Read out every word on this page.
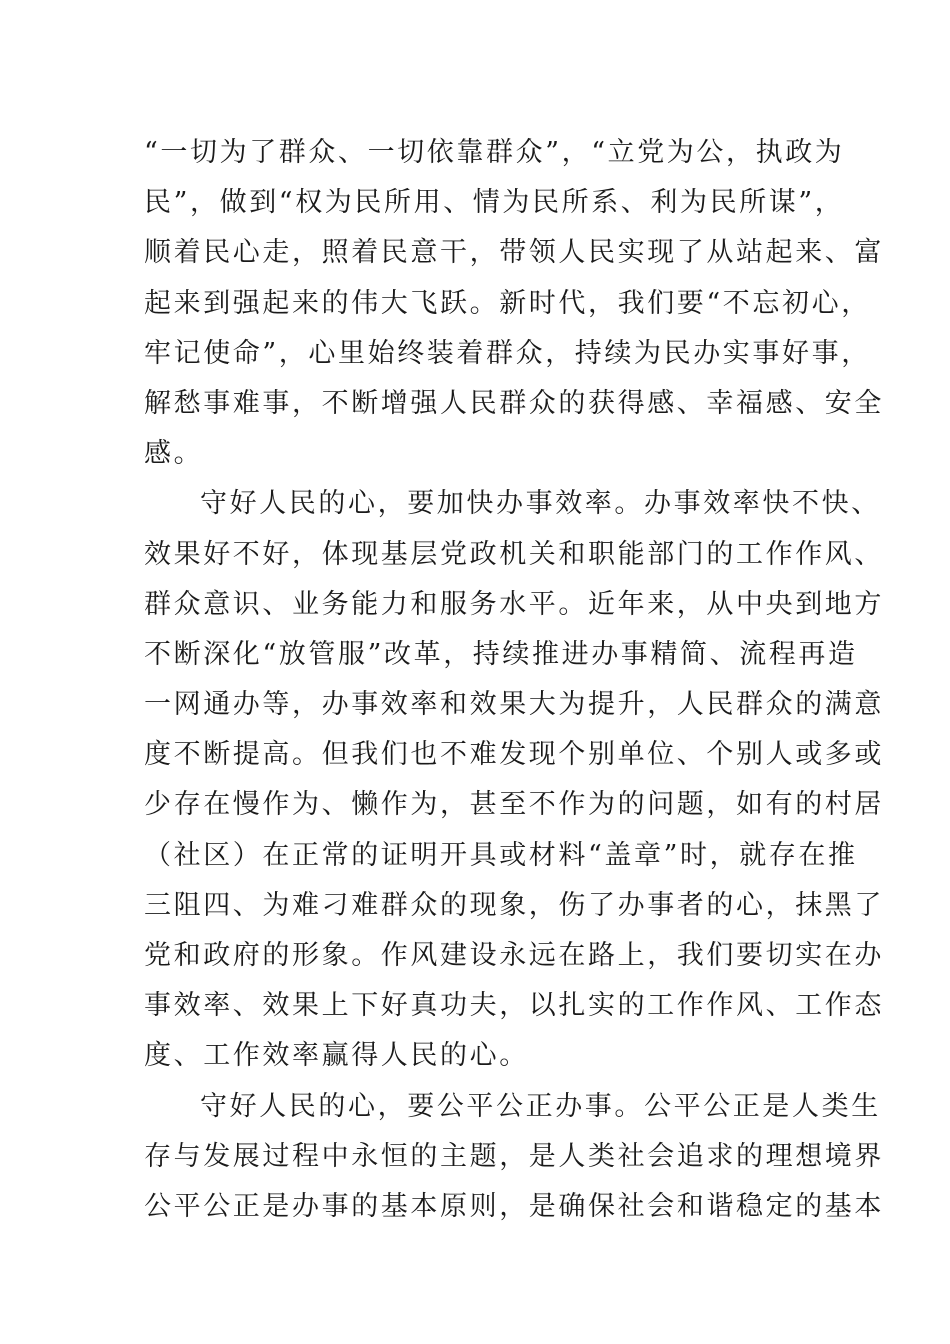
“一切为了群众、一切依靠群众”，“立党为公，执政为
民”，做到“权为民所用、情为民所系、利为民所谋”，
顺着民心走，照着民意干，带领人民实现了从站起来、富
起来到强起来的伟大飞跃。新时代，我们要“不忘初心，
牢记使命”，心里始终装着群众，持续为民办实事好事，
解愁事难事，不断增强人民群众的获得感、幸福感、安全
感。
守好人民的心，要加快办事效率。办事效率快不快、
效果好不好，体现基层党政机关和职能部门的工作作风、
群众意识、业务能力和服务水平。近年来，从中央到地方
不断深化“放管服”改革，持续推进办事精简、流程再造
一网通办等，办事效率和效果大为提升，人民群众的满意
度不断提高。但我们也不难发现个别单位、个别人或多或
少存在慢作为、懒作为，甚至不作为的问题，如有的村居
（社区）在正常的证明开具或材料“盖章”时，就存在推
三阻四、为难刁难群众的现象，伤了办事者的心，抹黑了
党和政府的形象。作风建设永远在路上，我们要切实在办
事效率、效果上下好真功夫，以扎实的工作作风、工作态
度、工作效率赢得人民的心。
守好人民的心，要公平公正办事。公平公正是人类生
存与发展过程中永恒的主题，是人类社会追求的理想境界
公平公正是办事的基本原则，是确保社会和谐稳定的基本
